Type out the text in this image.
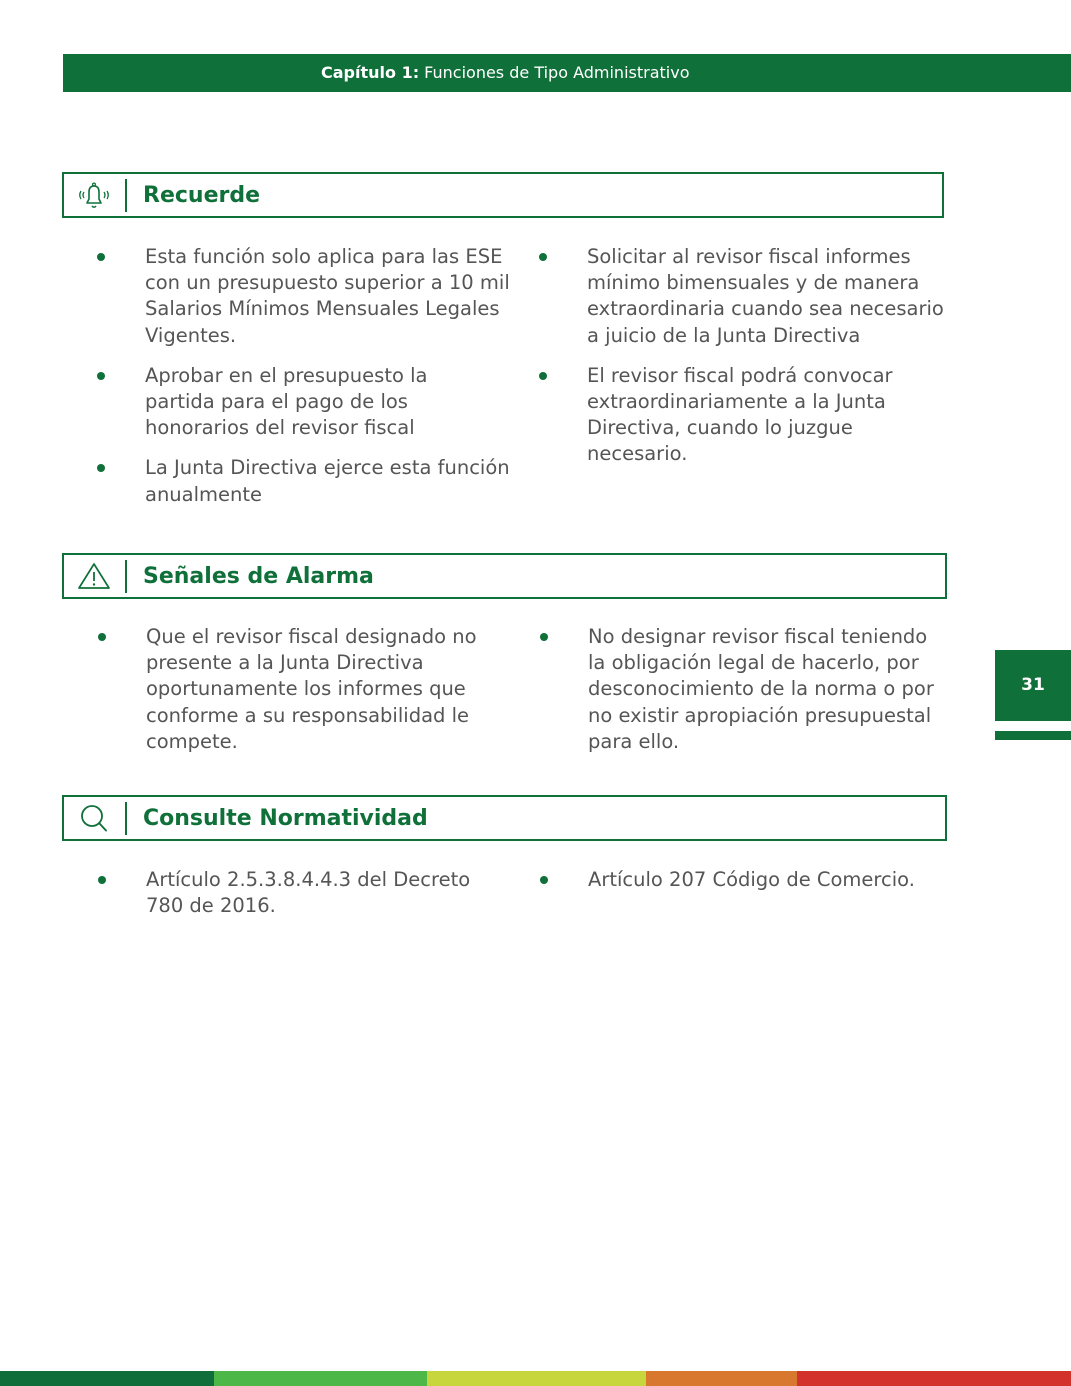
Capítulo 1: Funciones de Tipo Administrativo
Recuerde
Esta función solo aplica para las ESE con un presupuesto superior a 10 mil Salarios Mínimos Mensuales Legales Vigentes.
Aprobar en el presupuesto la partida para el pago de los honorarios del revisor fiscal
La Junta Directiva ejerce esta función anualmente
Solicitar al revisor fiscal informes mínimo bimensuales y de manera extraordinaria cuando sea necesario a juicio de la Junta Directiva
El revisor fiscal podrá convocar extraordinariamente a la Junta Directiva, cuando lo juzgue necesario.
Señales de Alarma
Que el revisor fiscal designado no presente a la Junta Directiva oportunamente los informes que conforme a su responsabilidad le compete.
No designar revisor fiscal teniendo la obligación legal de hacerlo, por desconocimiento de la norma o por no existir apropiación presupuestal para ello.
Consulte Normatividad
Artículo 2.5.3.8.4.4.3 del Decreto 780 de 2016.
Artículo 207 Código de Comercio.
31
